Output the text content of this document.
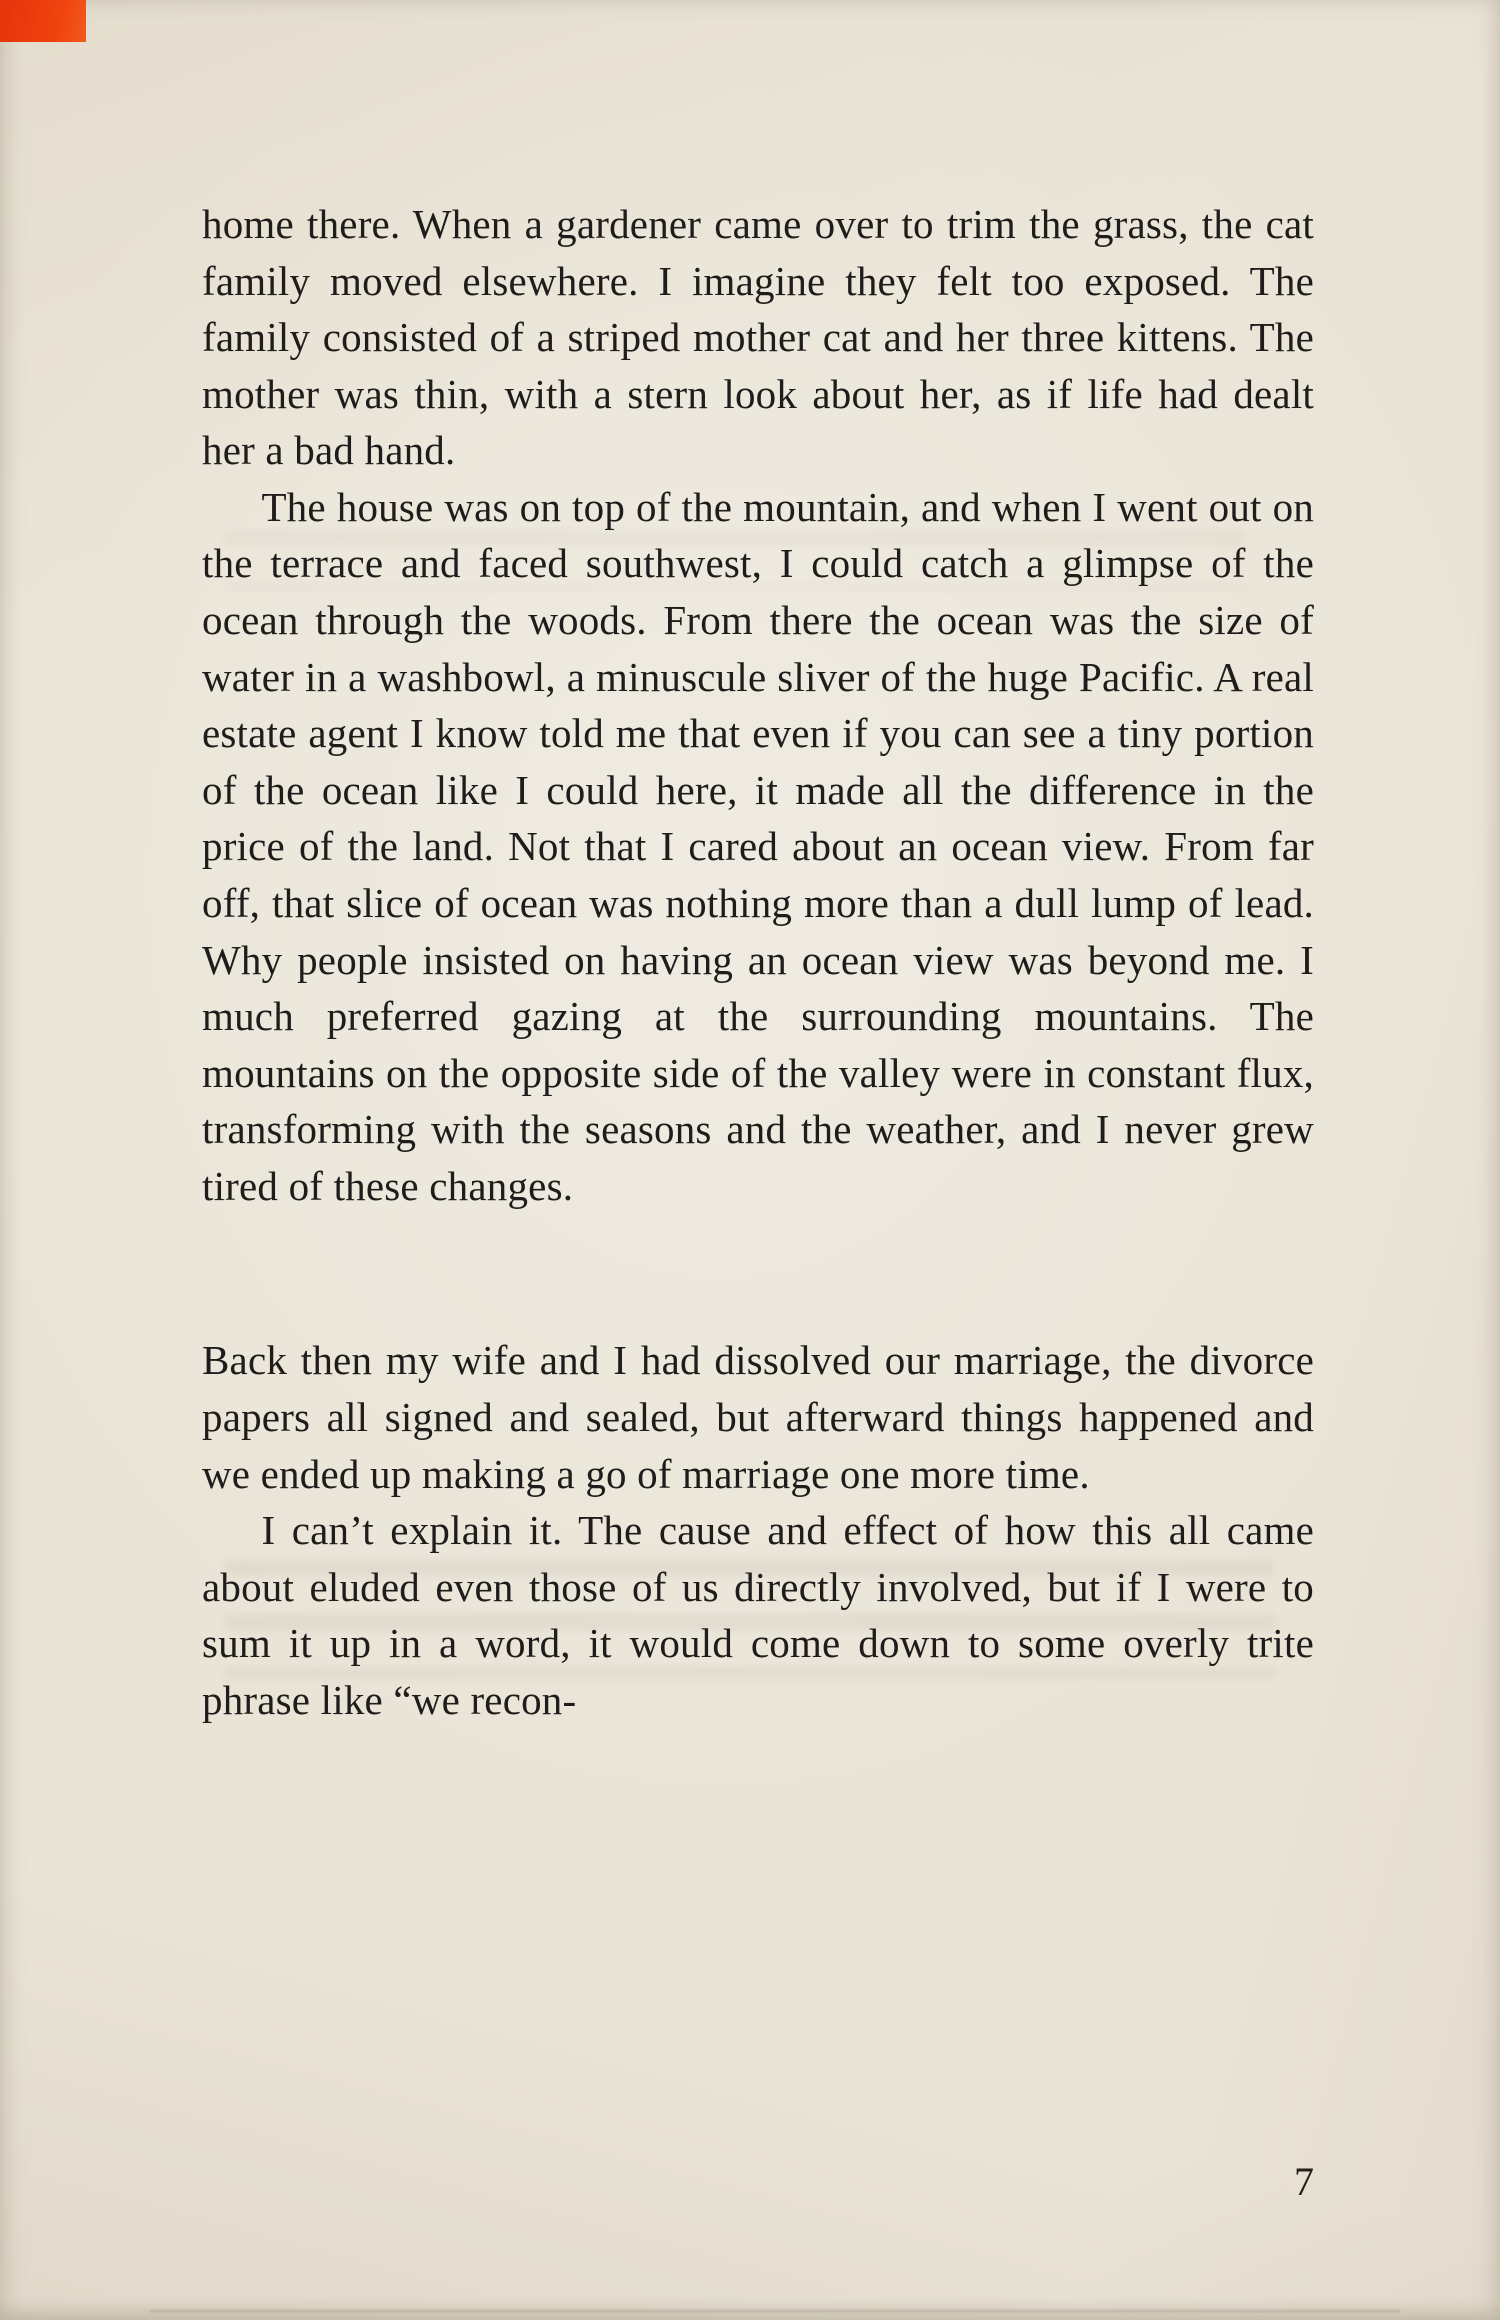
home there. When a gardener came over to trim the grass, the cat family moved elsewhere. I imagine they felt too exposed. The family consisted of a striped mother cat and her three kittens. The mother was thin, with a stern look about her, as if life had dealt her a bad hand.

The house was on top of the mountain, and when I went out on the terrace and faced southwest, I could catch a glimpse of the ocean through the woods. From there the ocean was the size of water in a washbowl, a minuscule sliver of the huge Pacific. A real estate agent I know told me that even if you can see a tiny portion of the ocean like I could here, it made all the difference in the price of the land. Not that I cared about an ocean view. From far off, that slice of ocean was nothing more than a dull lump of lead. Why people insisted on having an ocean view was beyond me. I much preferred gazing at the surrounding mountains. The mountains on the opposite side of the valley were in constant flux, transforming with the seasons and the weather, and I never grew tired of these changes.

Back then my wife and I had dissolved our marriage, the divorce papers all signed and sealed, but afterward things happened and we ended up making a go of marriage one more time.

I can’t explain it. The cause and effect of how this all came about eluded even those of us directly involved, but if I were to sum it up in a word, it would come down to some overly trite phrase like “we recon-

7
